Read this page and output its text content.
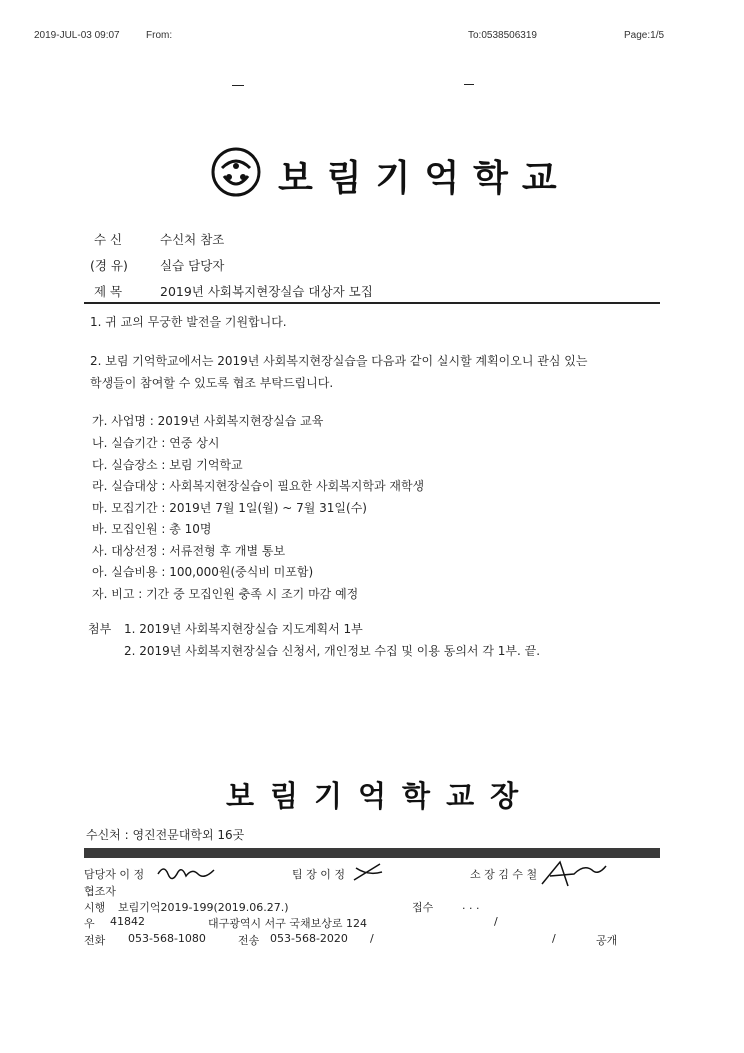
2019-JUL-03 09:07	From:	To:0538506319	Page:1/5
보림기억학교
수 신	수신처 참조
(경 유)	실습 담당자
제 목	2019년 사회복지현장실습 대상자 모집
1. 귀 교의 무궁한 발전을 기원합니다.
2. 보림 기억학교에서는 2019년 사회복지현장실습을 다음과 같이 실시할 계획이오니 관심 있는
학생들이 참여할 수 있도록 협조 부탁드립니다.
가. 사업명 : 2019년 사회복지현장실습 교육
나. 실습기간 : 연중 상시
다. 실습장소 : 보림 기억학교
라. 실습대상 : 사회복지현장실습이 필요한 사회복지학과 재학생
마. 모집기간 : 2019년 7월 1일(월) ~ 7월 31일(수)
바. 모집인원 : 총 10명
사. 대상선정 : 서류전형 후 개별 통보
아. 실습비용 : 100,000원(중식비 미포함)
자. 비고 : 기간 중 모집인원 충족 시 조기 마감 예정
첨부 1. 2019년 사회복지현장실습 지도계획서 1부
2. 2019년 사회복지현장실습 신청서, 개인정보 수집 및 이용 동의서 각 1부. 끝.
보림기억학교장
수신처 : 영진전문대학외 16곳
담당자 이 정	팀 장 이 정	소 장 김 수 철
협조자
시행 보림기억2019-199(2019.06.27.)	접수	. . .
우 41842	대구광역시 서구 국채보상로 124	/
전화 053-568-1080	전송 053-568-2020 /	/	공개
